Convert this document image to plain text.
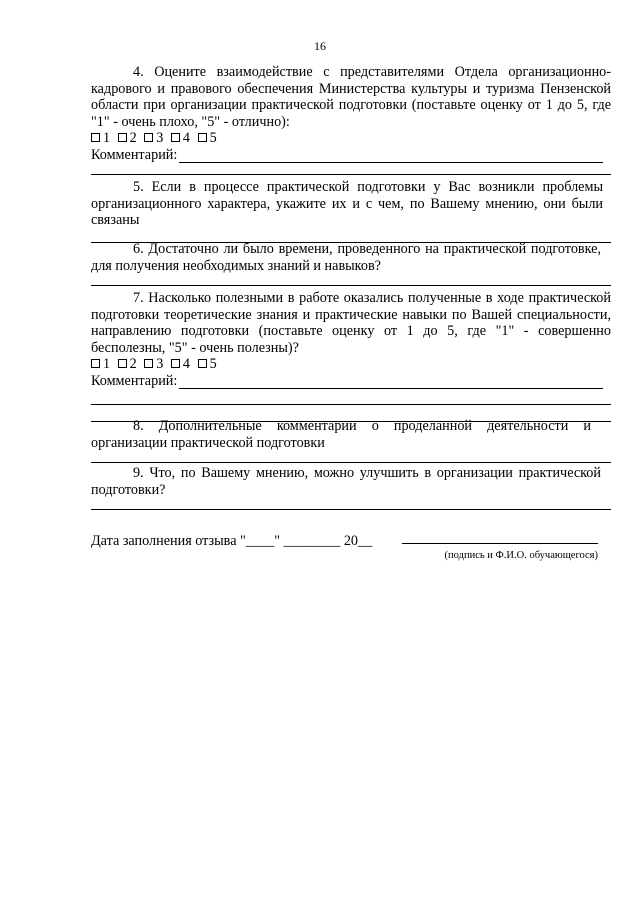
16
4. Оцените взаимодействие с представителями Отдела организационно-кадрового и правового обеспечения Министерства культуры и туризма Пензенской области при организации практической подготовки (поставьте оценку от 1 до 5, где "1" - очень плохо, "5" - отлично):
1 2 3 4 5
Комментарий:
5. Если в процессе практической подготовки у Вас возникли проблемы организационного характера, укажите их и с чем, по Вашему мнению, они были связаны
6. Достаточно ли было времени, проведенного на практической подготовке, для получения необходимых знаний и навыков?
7. Насколько полезными в работе оказались полученные в ходе практической подготовки теоретические знания и практические навыки по Вашей специальности, направлению подготовки (поставьте оценку от 1 до 5, где "1" - совершенно бесполезны, "5" - очень полезны)?
1 2 3 4 5
Комментарий:
8. Дополнительные комментарии о проделанной деятельности и организации практической подготовки
9. Что, по Вашему мнению, можно улучшить в организации практической подготовки?
Дата заполнения отзыва "____" ________ 20__
(подпись и Ф.И.О. обучающегося)
